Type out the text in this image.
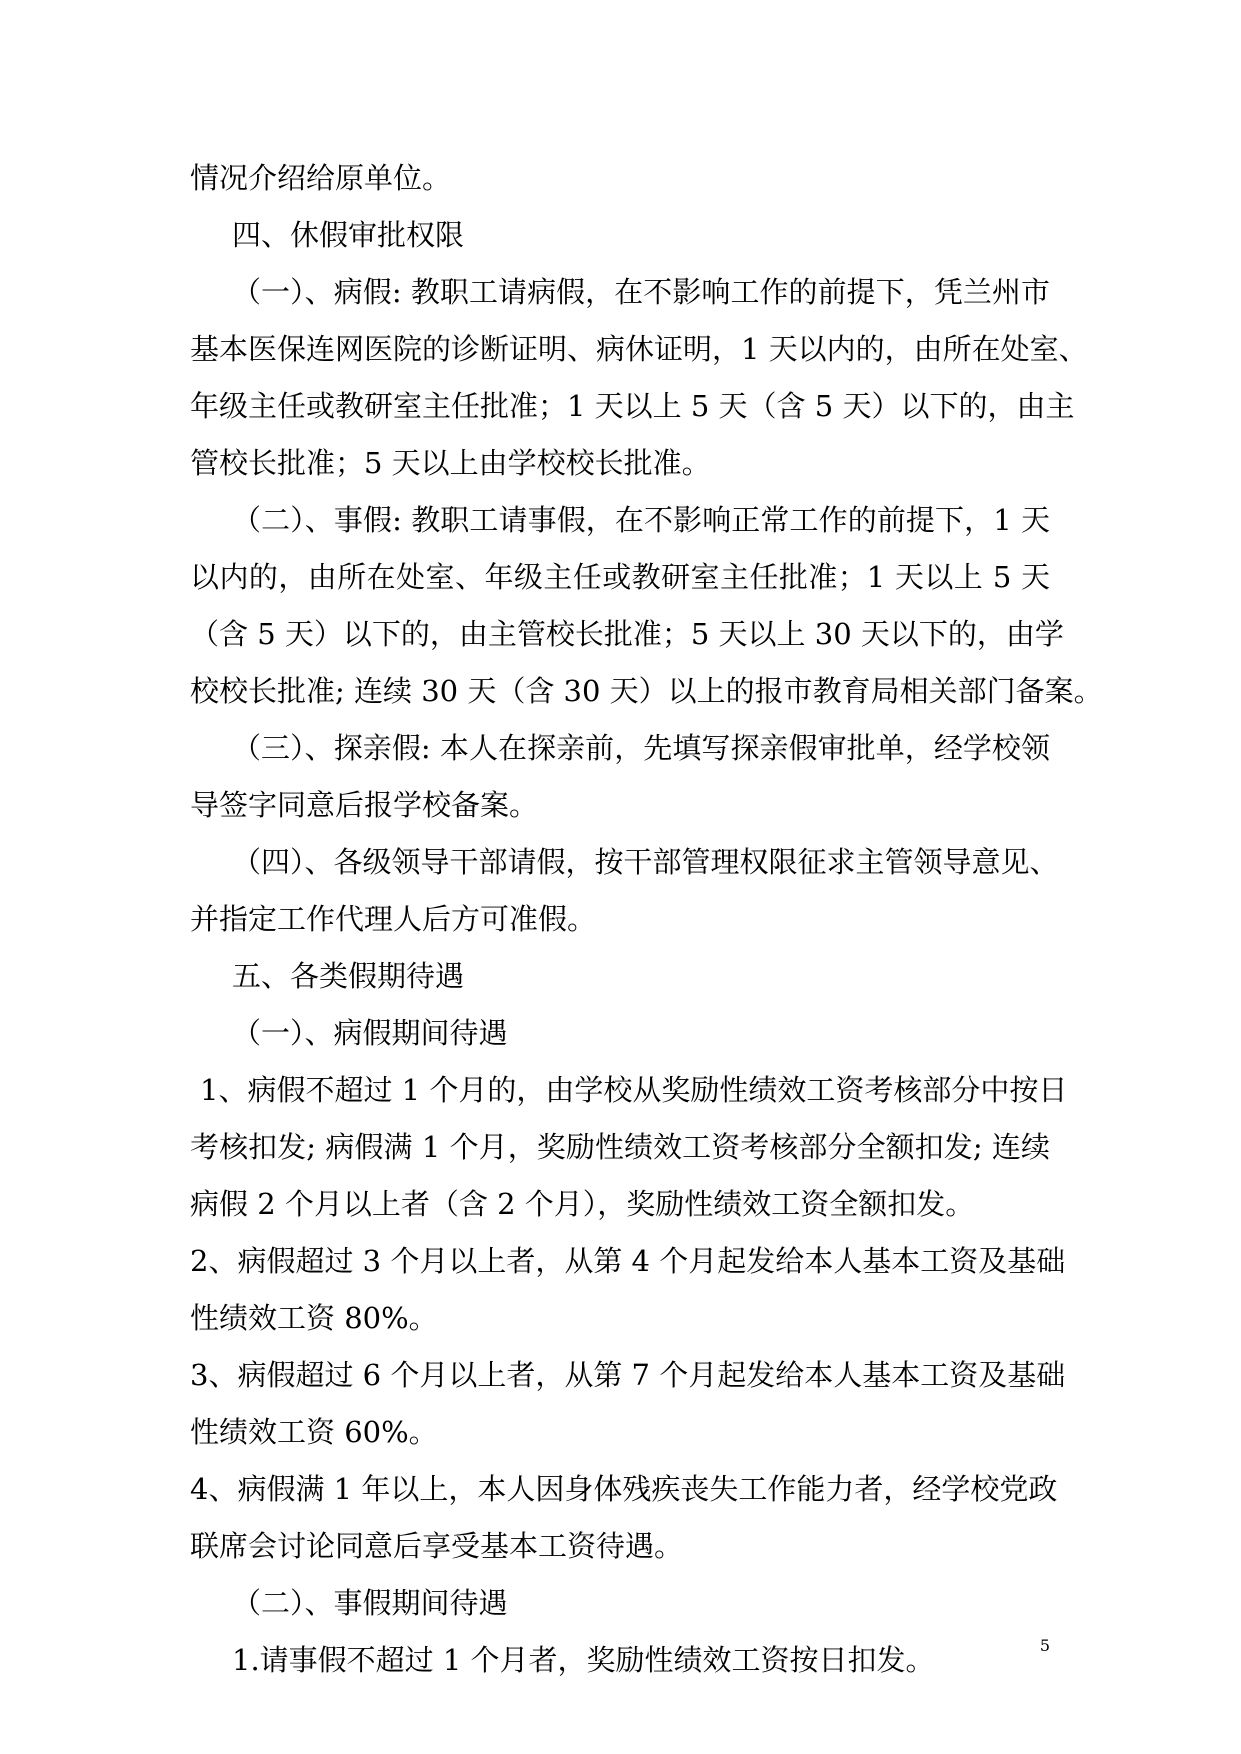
情况介绍给原单位。
四、休假审批权限
（一）、病假: 教职工请病假，在不影响工作的前提下，凭兰州市
基本医保连网医院的诊断证明、病休证明，1 天以内的，由所在处室、
年级主任或教研室主任批准；1 天以上 5 天（含 5 天）以下的，由主
管校长批准；5 天以上由学校校长批准。
（二）、事假: 教职工请事假，在不影响正常工作的前提下，1 天
以内的，由所在处室、年级主任或教研室主任批准；1 天以上 5 天
（含 5 天）以下的，由主管校长批准；5 天以上 30 天以下的，由学
校校长批准; 连续 30 天（含 30 天）以上的报市教育局相关部门备案。
（三）、探亲假: 本人在探亲前，先填写探亲假审批单，经学校领
导签字同意后报学校备案。
（四）、各级领导干部请假，按干部管理权限征求主管领导意见、
并指定工作代理人后方可准假。
五、各类假期待遇
（一）、病假期间待遇
1、病假不超过 1 个月的，由学校从奖励性绩效工资考核部分中按日
考核扣发; 病假满 1 个月，奖励性绩效工资考核部分全额扣发; 连续
病假 2 个月以上者（含 2 个月），奖励性绩效工资全额扣发。
2、病假超过 3 个月以上者，从第 4 个月起发给本人基本工资及基础
性绩效工资 80%。
3、病假超过 6 个月以上者，从第 7 个月起发给本人基本工资及基础
性绩效工资 60%。
4、病假满 1 年以上，本人因身体残疾丧失工作能力者，经学校党政
联席会讨论同意后享受基本工资待遇。
（二）、事假期间待遇
1.请事假不超过 1 个月者，奖励性绩效工资按日扣发。	5
